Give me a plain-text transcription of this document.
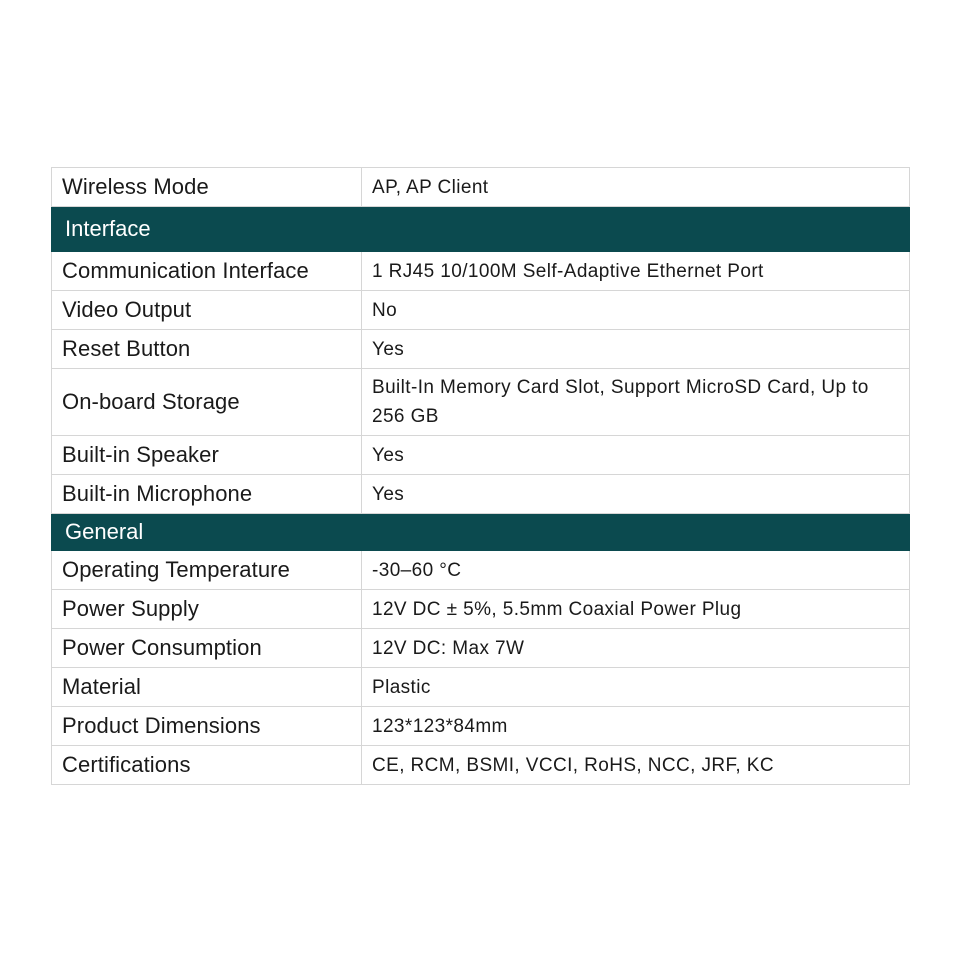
Wireless Mode	AP, AP Client
Interface	
Communication Interface	1 RJ45 10/100M Self-Adaptive Ethernet Port
Video Output	No
Reset Button	Yes
On-board Storage	Built-In Memory Card Slot, Support MicroSD Card, Up to 256 GB
Built-in Speaker	Yes
Built-in Microphone	Yes
General	
Operating Temperature	-30–60 °C
Power Supply	12V DC ± 5%, 5.5mm Coaxial Power Plug
Power Consumption	12V DC: Max 7W
Material	Plastic
Product Dimensions	123*123*84mm
Certifications	CE, RCM, BSMI, VCCI, RoHS, NCC, JRF, KC
